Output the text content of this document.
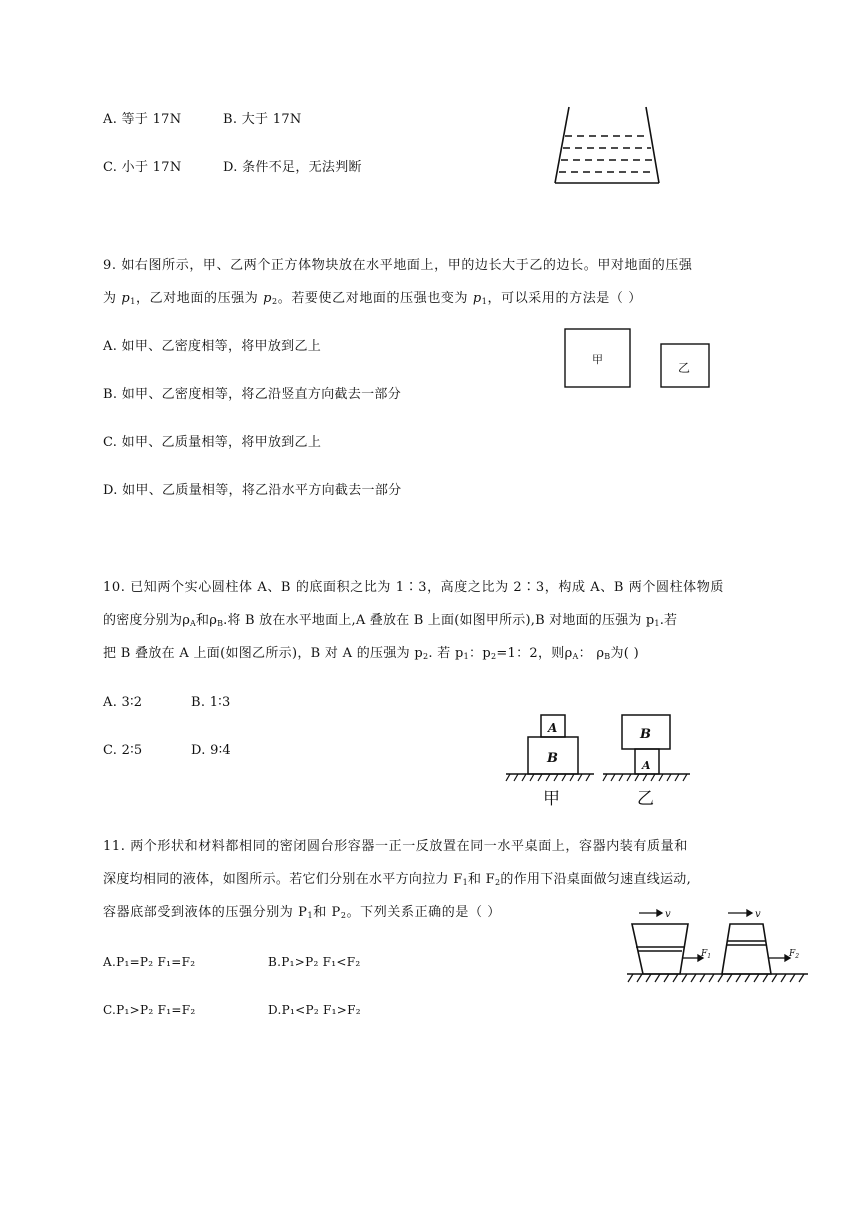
A. 等于 17N	B. 大于 17N
C. 小于 17N	D. 条件不足，无法判断
9. 如右图所示，甲、乙两个正方体物块放在水平地面上，甲的边长大于乙的边长。甲对地面的压强
为 $p_1$，乙对地面的压强为 $p_2$。若要使乙对地面的压强也变为 $p_1$，可以采用的方法是（ ）
A. 如甲、乙密度相等，将甲放到乙上
B. 如甲、乙密度相等，将乙沿竖直方向截去一部分
C. 如甲、乙质量相等，将甲放到乙上
D. 如甲、乙质量相等，将乙沿水平方向截去一部分
甲
乙
10. 已知两个实心圆柱体 A、B 的底面积之比为 1∶3，高度之比为 2∶3，构成 A、B 两个圆柱体物质
的密度分别为$\rho_A$和$\rho_B$.将 B 放在水平地面上,A 叠放在 B 上面(如图甲所示),B 对地面的压强为 $p_1$.若
把 B 叠放在 A 上面(如图乙所示)，B 对 A 的压强为 $p_2$. 若 $p_1$：$p_2=1$：2，则$\rho_A$： $\rho_B$为( )
A. 3∶2	B. 1∶3
C. 2∶5	D. 9∶4
A
B
B
A
甲	乙
11. 两个形状和材料都相同的密闭圆台形容器一正一反放置在同一水平桌面上，容器内装有质量和
深度均相同的液体，如图所示。若它们分别在水平方向拉力 $F_1$和 $F_2$的作用下沿桌面做匀速直线运动,
容器底部受到液体的压强分别为 $P_1$和 $P_2$。下列关系正确的是（ ）
A.P₁=P₂ F₁=F₂	B.P₁>P₂ F₁<F₂
C.P₁>P₂ F₁=F₂	D.P₁<P₂ F₁>F₂
v	v
$F_1$	$F_2$
